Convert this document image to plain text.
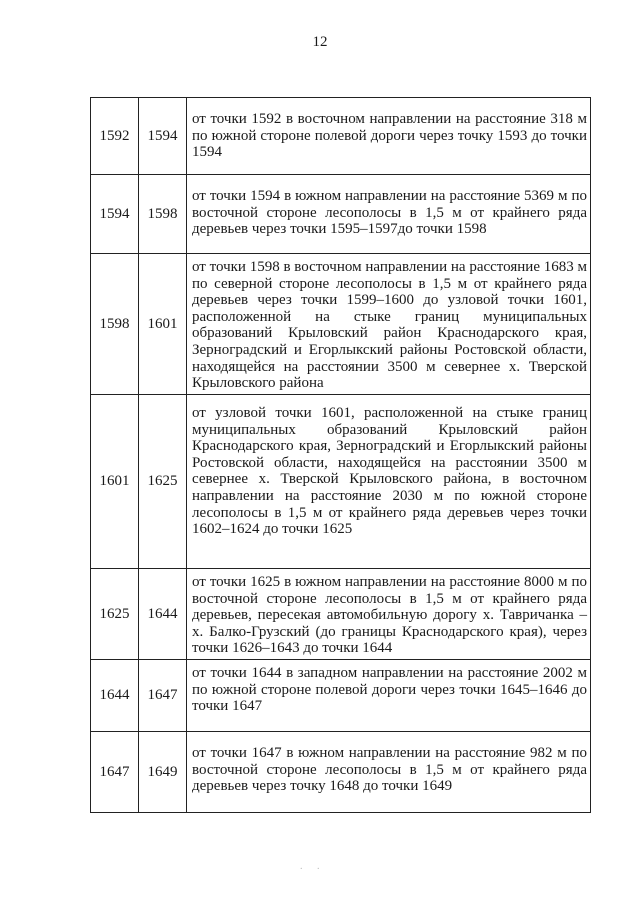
12
1592	1594	от точки 1592 в восточном направлении на расстояние 318 м по южной стороне полевой дороги через точку 1593 до точки 1594
1594	1598	от точки 1594 в южном направлении на расстояние 5369 м по восточной стороне лесополосы в 1,5 м от крайнего ряда деревьев через точки 1595–1597до точки 1598
1598	1601	от точки 1598 в восточном направлении на расстояние 1683 м по северной стороне лесополосы в 1,5 м от крайнего ряда деревьев через точки 1599–1600 до узловой точки 1601, расположенной на стыке границ муниципальных образований Крыловский район Краснодарского края, Зерноградский и Егорлыкский районы Ростовской области, находящейся на расстоянии 3500 м севернее х. Тверской Крыловского района
1601	1625	от узловой точки 1601, расположенной на стыке границ муниципальных образований Крыловский район Краснодарского края, Зерноградский и Егорлыкский районы Ростовской области, находящейся на расстоянии 3500 м севернее х. Тверской Крыловского района, в восточном направлении на расстояние 2030 м по южной стороне лесополосы в 1,5 м от крайнего ряда деревьев через точки 1602–1624 до точки 1625
1625	1644	от точки 1625 в южном направлении на расстояние 8000 м по восточной стороне лесополосы в 1,5 м от крайнего ряда деревьев, пересекая автомобильную дорогу х. Тавричанка – х. Балко-Грузский (до границы Краснодарского края), через точки 1626–1643 до точки 1644
1644	1647	от точки 1644 в западном направлении на расстояние 2002 м по южной стороне полевой дороги через точки 1645–1646 до точки 1647
1647	1649	от точки 1647 в южном направлении на расстояние 982 м по восточной стороне лесополосы в 1,5 м от крайнего ряда деревьев через точку 1648 до точки 1649
. .
